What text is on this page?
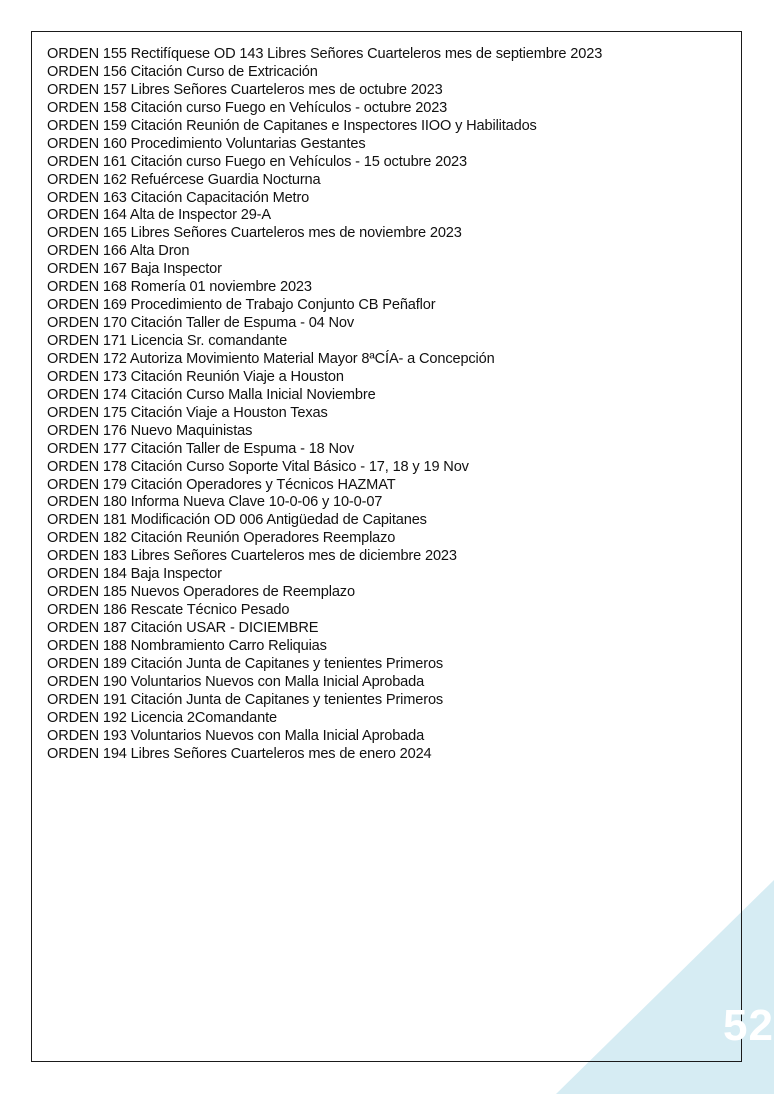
ORDEN 155 Rectifíquese OD 143 Libres Señores Cuarteleros mes de septiembre 2023
ORDEN 156 Citación Curso de Extricación
ORDEN 157 Libres Señores Cuarteleros mes de octubre 2023
ORDEN 158 Citación curso Fuego en Vehículos - octubre 2023
ORDEN 159 Citación Reunión de Capitanes e Inspectores IIOO y Habilitados
ORDEN 160 Procedimiento Voluntarias Gestantes
ORDEN 161 Citación curso Fuego en Vehículos - 15 octubre 2023
ORDEN 162 Refuércese Guardia Nocturna
ORDEN 163 Citación Capacitación Metro
ORDEN 164 Alta de Inspector 29-A
ORDEN 165 Libres Señores Cuarteleros mes de noviembre 2023
ORDEN 166 Alta Dron
ORDEN 167 Baja Inspector
ORDEN 168 Romería 01 noviembre 2023
ORDEN 169 Procedimiento de Trabajo Conjunto CB Peñaflor
ORDEN 170 Citación Taller de Espuma - 04 Nov
ORDEN 171 Licencia Sr. comandante
ORDEN 172 Autoriza Movimiento Material Mayor 8ªCÍA- a Concepción
ORDEN 173 Citación Reunión Viaje a Houston
ORDEN 174 Citación Curso Malla Inicial Noviembre
ORDEN 175 Citación Viaje a Houston Texas
ORDEN 176 Nuevo Maquinistas
ORDEN 177 Citación Taller de Espuma - 18 Nov
ORDEN 178 Citación Curso Soporte Vital Básico - 17, 18 y 19 Nov
ORDEN 179 Citación Operadores y Técnicos HAZMAT
ORDEN 180 Informa Nueva Clave 10-0-06 y 10-0-07
ORDEN 181 Modificación OD 006 Antigüedad de Capitanes
ORDEN 182 Citación Reunión Operadores Reemplazo
ORDEN 183 Libres Señores Cuarteleros mes de diciembre 2023
ORDEN 184 Baja Inspector
ORDEN 185 Nuevos Operadores de Reemplazo
ORDEN 186 Rescate Técnico Pesado
ORDEN 187 Citación USAR - DICIEMBRE
ORDEN 188 Nombramiento Carro Reliquias
ORDEN 189 Citación Junta de Capitanes y tenientes Primeros
ORDEN 190 Voluntarios Nuevos con Malla Inicial Aprobada
ORDEN 191 Citación Junta de Capitanes y tenientes Primeros
ORDEN 192 Licencia 2Comandante
ORDEN 193 Voluntarios Nuevos con Malla Inicial Aprobada
ORDEN 194 Libres Señores Cuarteleros mes de enero 2024
52
